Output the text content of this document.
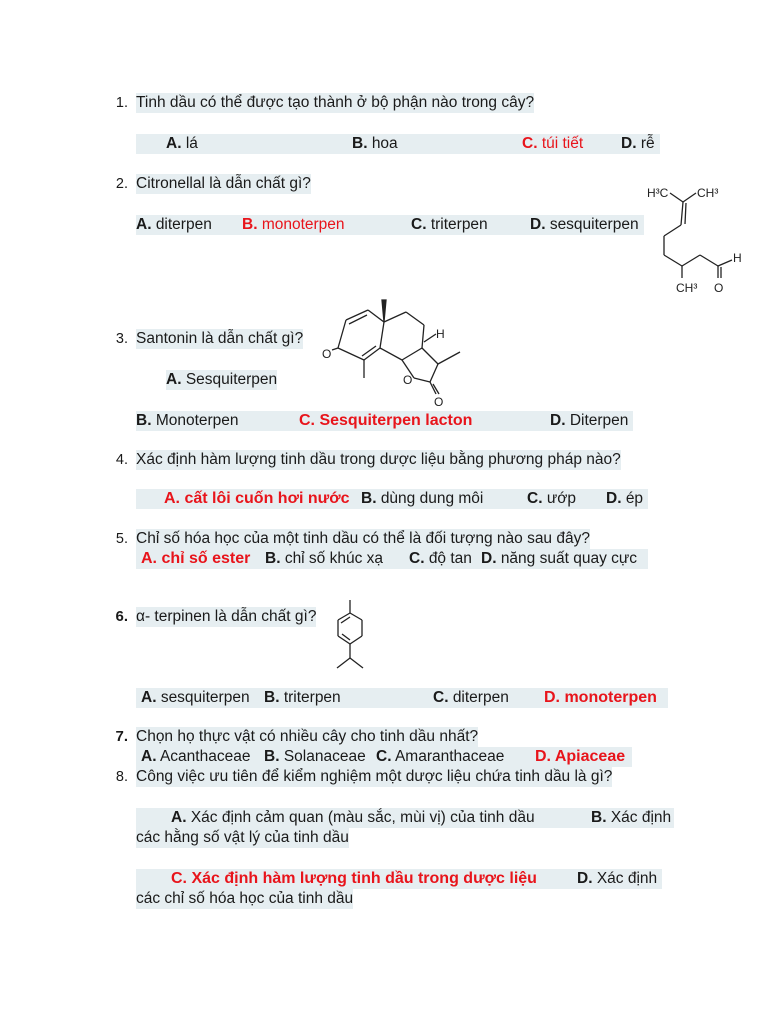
1. Tinh dầu có thể được tạo thành ở bộ phận nào trong cây?
A. lá	B. hoa	C. túi tiết D. rễ
2. Citronellal là dẫn chất gì?
A. diterpen B. monoterpen	C. triterpen	D. sesquiterpen
H³C CH³
H
CH³ O
3. Santonin là dẫn chất gì?
A. Sesquiterpen
B. Monoterpen	C. Sesquiterpen lacton	D. Diterpen
H
O
O
O
4. Xác định hàm lượng tinh dầu trong dược liệu bằng phương pháp nào?
A. cất lôi cuốn hơi nước B. dùng dung môi	C. ướp D. ép
5. Chỉ số hóa học của một tinh dầu có thể là đối tượng nào sau đây?
A. chỉ số ester B. chỉ số khúc xạ C. độ tan D. năng suất quay cực
6. α- terpinen là dẫn chất gì?
A. sesquiterpen B. triterpen	C. diterpen D. monoterpen
7. Chọn họ thực vật có nhiều cây cho tinh dầu nhất?
A. Acanthaceae B. Solanaceae C. Amaranthaceae D. Apiaceae
8. Công việc ưu tiên để kiểm nghiệm một dược liệu chứa tinh dầu là gì?
A. Xác định cảm quan (màu sắc, mùi vị) của tinh dầu	B. Xác định
các hằng số vật lý của tinh dầu
C. Xác định hàm lượng tinh dầu trong dược liệu	D. Xác định
các chỉ số hóa học của tinh dầu
